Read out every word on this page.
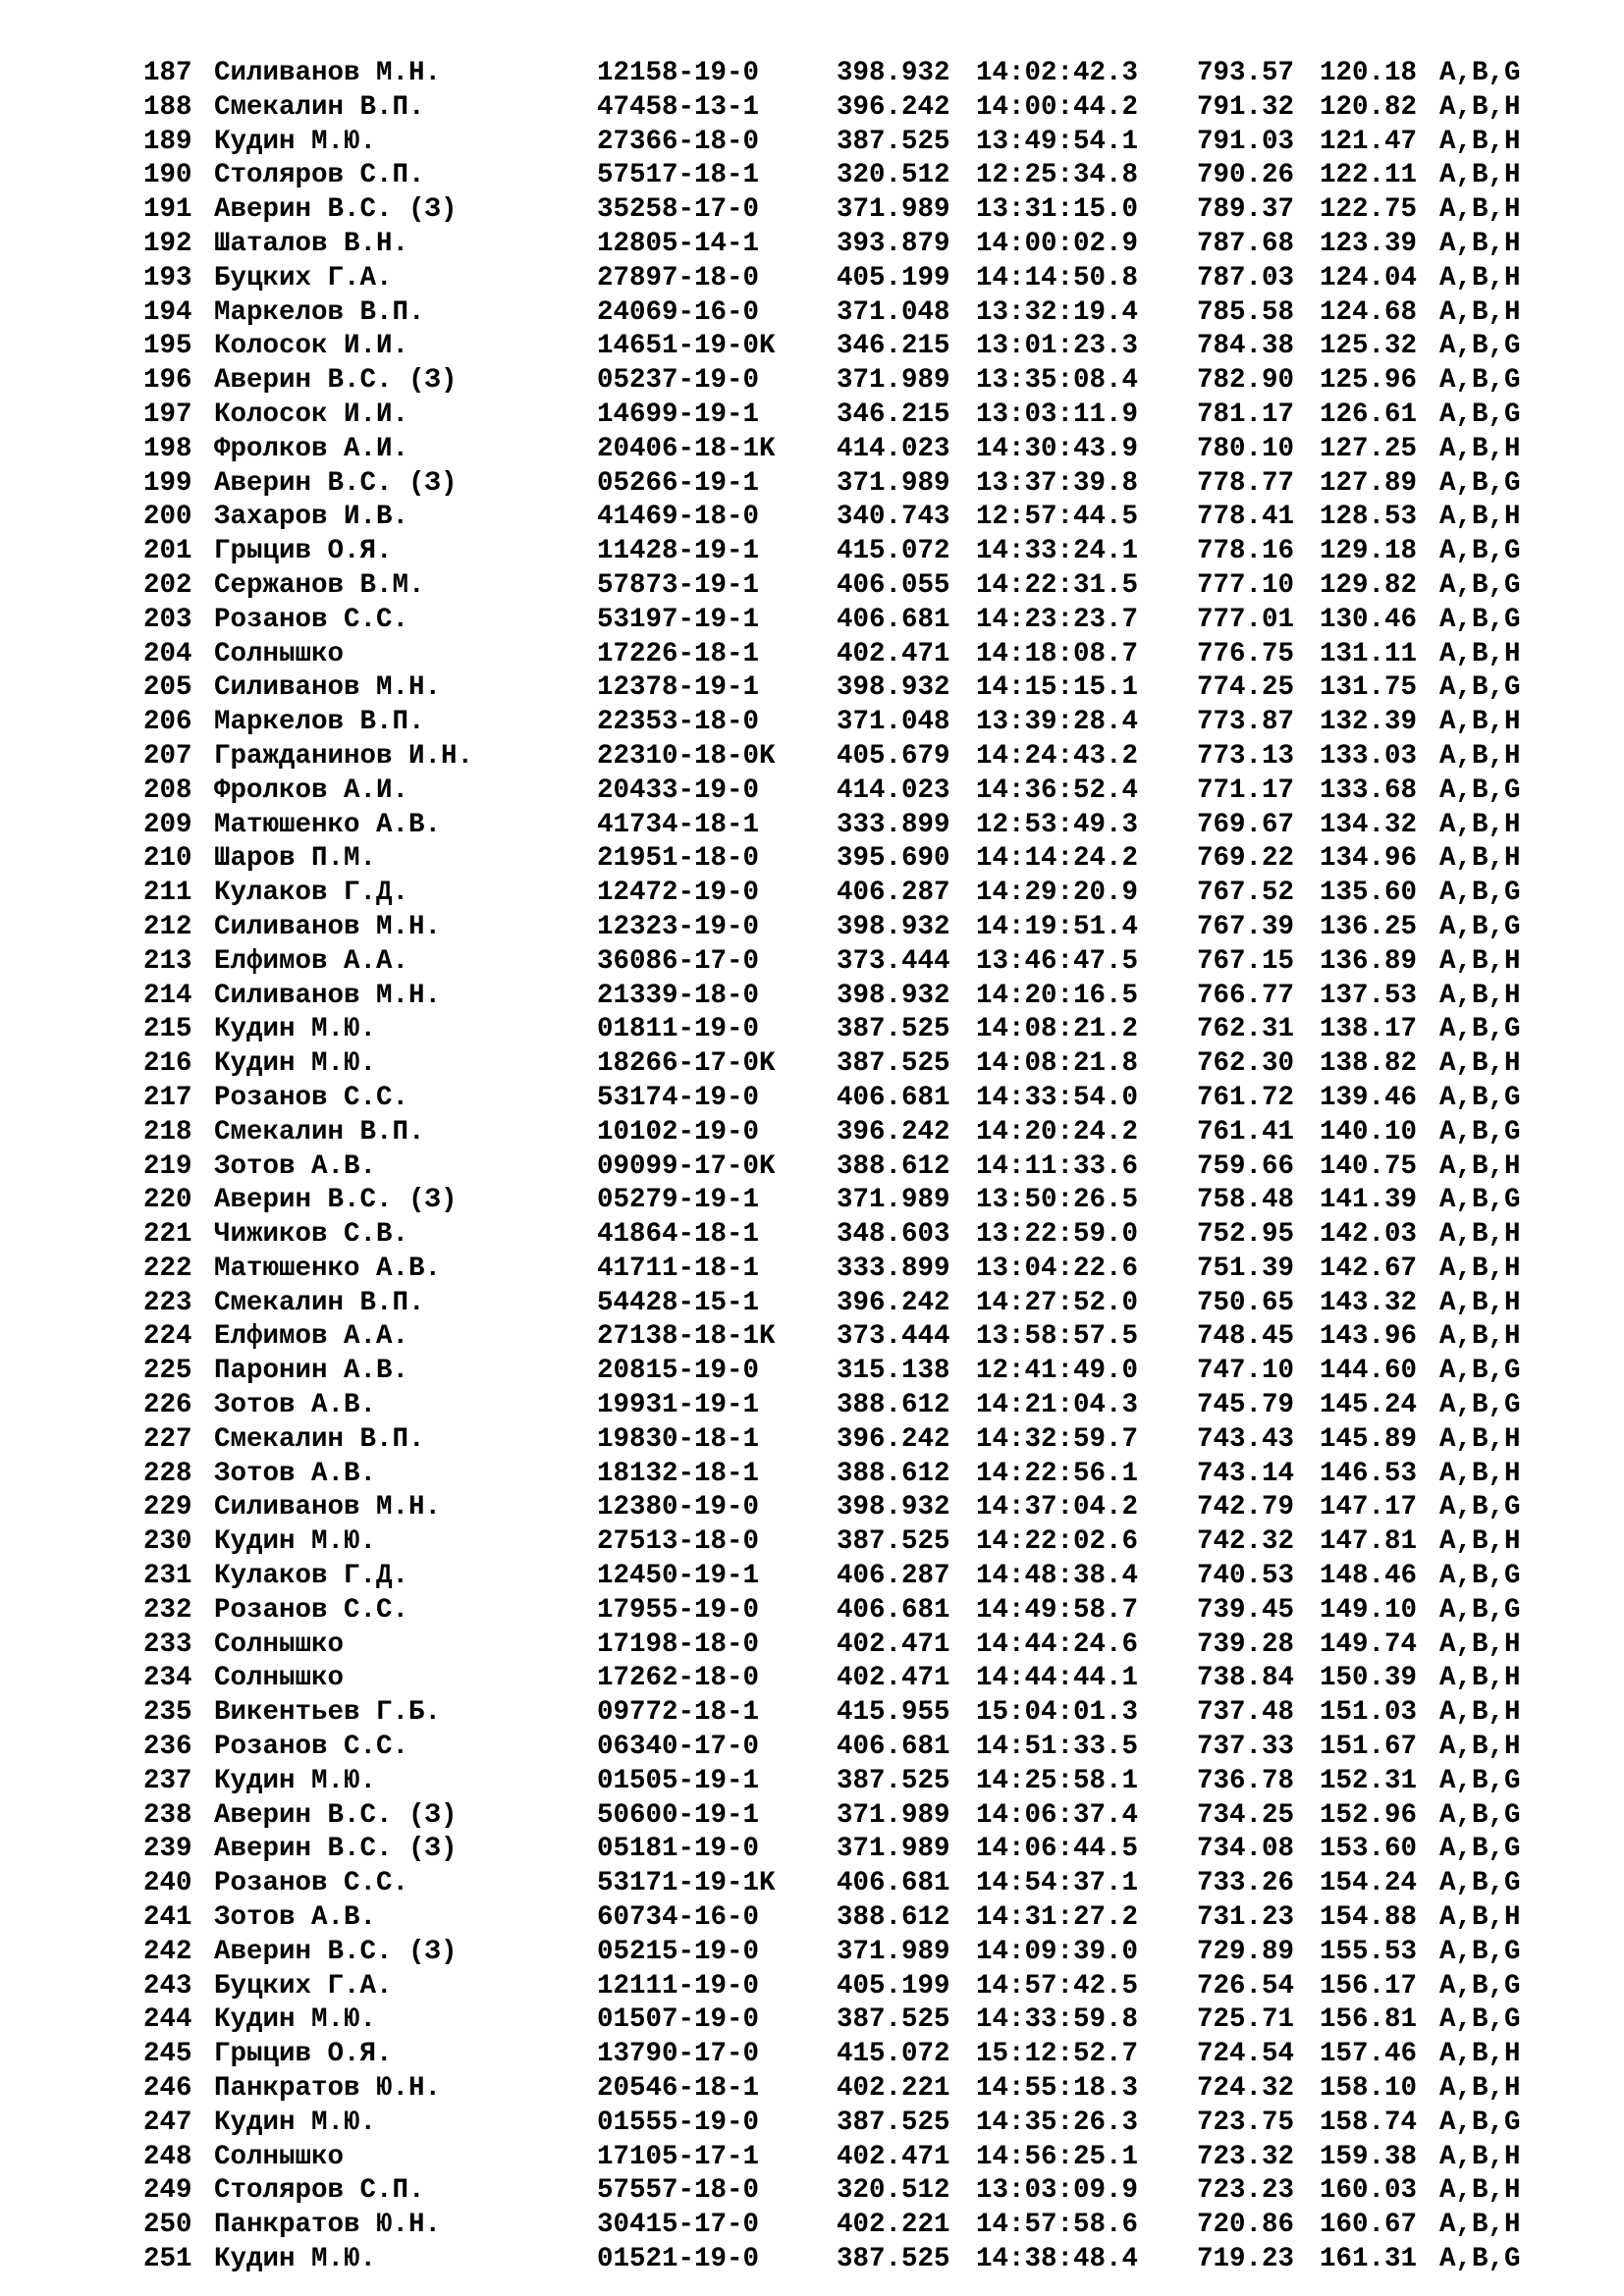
187 Силиванов М.Н.	12158-19-0	398.932 14:02:42.3 793.57 120.18 A,B,G
188 Смекалин В.П.	47458-13-1	396.242 14:00:44.2 791.32 120.82 A,B,H
189 Кудин М.Ю.	27366-18-0	387.525 13:49:54.1 791.03 121.47 A,B,H
190 Столяров С.П.	57517-18-1	320.512 12:25:34.8 790.26 122.11 A,B,H
191 Аверин В.С. (З)	35258-17-0	371.989 13:31:15.0 789.37 122.75 A,B,H
192 Шаталов В.Н.	12805-14-1	393.879 14:00:02.9 787.68 123.39 A,B,H
193 Буцких Г.А.	27897-18-0	405.199 14:14:50.8 787.03 124.04 A,B,H
194 Маркелов В.П.	24069-16-0	371.048 13:32:19.4 785.58 124.68 A,B,H
195 Колосок И.И.	14651-19-0K 346.215 13:01:23.3 784.38 125.32 A,B,G
196 Аверин В.С. (З)	05237-19-0	371.989 13:35:08.4 782.90 125.96 A,B,G
197 Колосок И.И.	14699-19-1	346.215 13:03:11.9 781.17 126.61 A,B,G
198 Фролков А.И.	20406-18-1K 414.023 14:30:43.9 780.10 127.25 A,B,H
199 Аверин В.С. (З)	05266-19-1	371.989 13:37:39.8 778.77 127.89 A,B,G
200 Захаров И.В.	41469-18-0	340.743 12:57:44.5 778.41 128.53 A,B,H
201 Грыцив О.Я.	11428-19-1	415.072 14:33:24.1 778.16 129.18 A,B,G
202 Сержанов В.М.	57873-19-1	406.055 14:22:31.5 777.10 129.82 A,B,G
203 Розанов С.С.	53197-19-1	406.681 14:23:23.7 777.01 130.46 A,B,G
204 Солнышко	17226-18-1	402.471 14:18:08.7 776.75 131.11 A,B,H
205 Силиванов М.Н.	12378-19-1	398.932 14:15:15.1 774.25 131.75 A,B,G
206 Маркелов В.П.	22353-18-0	371.048 13:39:28.4 773.87 132.39 A,B,H
207 Гражданинов И.Н.	22310-18-0K 405.679 14:24:43.2 773.13 133.03 A,B,H
208 Фролков А.И.	20433-19-0	414.023 14:36:52.4 771.17 133.68 A,B,G
209 Матюшенко А.В.	41734-18-1	333.899 12:53:49.3 769.67 134.32 A,B,H
210 Шаров П.М.	21951-18-0	395.690 14:14:24.2 769.22 134.96 A,B,H
211 Кулаков Г.Д.	12472-19-0	406.287 14:29:20.9 767.52 135.60 A,B,G
212 Силиванов М.Н.	12323-19-0	398.932 14:19:51.4 767.39 136.25 A,B,G
213 Елфимов А.А.	36086-17-0	373.444 13:46:47.5 767.15 136.89 A,B,H
214 Силиванов М.Н.	21339-18-0	398.932 14:20:16.5 766.77 137.53 A,B,H
215 Кудин М.Ю.	01811-19-0	387.525 14:08:21.2 762.31 138.17 A,B,G
216 Кудин М.Ю.	18266-17-0K 387.525 14:08:21.8 762.30 138.82 A,B,H
217 Розанов С.С.	53174-19-0	406.681 14:33:54.0 761.72 139.46 A,B,G
218 Смекалин В.П.	10102-19-0	396.242 14:20:24.2 761.41 140.10 A,B,G
219 Зотов А.В.	09099-17-0K 388.612 14:11:33.6 759.66 140.75 A,B,H
220 Аверин В.С. (З)	05279-19-1	371.989 13:50:26.5 758.48 141.39 A,B,G
221 Чижиков С.В.	41864-18-1	348.603 13:22:59.0 752.95 142.03 A,B,H
222 Матюшенко А.В.	41711-18-1	333.899 13:04:22.6 751.39 142.67 A,B,H
223 Смекалин В.П.	54428-15-1	396.242 14:27:52.0 750.65 143.32 A,B,H
224 Елфимов А.А.	27138-18-1K 373.444 13:58:57.5 748.45 143.96 A,B,H
225 Паронин А.В.	20815-19-0	315.138 12:41:49.0 747.10 144.60 A,B,G
226 Зотов А.В.	19931-19-1	388.612 14:21:04.3 745.79 145.24 A,B,G
227 Смекалин В.П.	19830-18-1	396.242 14:32:59.7 743.43 145.89 A,B,H
228 Зотов А.В.	18132-18-1	388.612 14:22:56.1 743.14 146.53 A,B,H
229 Силиванов М.Н.	12380-19-0	398.932 14:37:04.2 742.79 147.17 A,B,G
230 Кудин М.Ю.	27513-18-0	387.525 14:22:02.6 742.32 147.81 A,B,H
231 Кулаков Г.Д.	12450-19-1	406.287 14:48:38.4 740.53 148.46 A,B,G
232 Розанов С.С.	17955-19-0	406.681 14:49:58.7 739.45 149.10 A,B,G
233 Солнышко	17198-18-0	402.471 14:44:24.6 739.28 149.74 A,B,H
234 Солнышко	17262-18-0	402.471 14:44:44.1 738.84 150.39 A,B,H
235 Викентьев Г.Б.	09772-18-1	415.955 15:04:01.3 737.48 151.03 A,B,H
236 Розанов С.С.	06340-17-0	406.681 14:51:33.5 737.33 151.67 A,B,H
237 Кудин М.Ю.	01505-19-1	387.525 14:25:58.1 736.78 152.31 A,B,G
238 Аверин В.С. (З)	50600-19-1	371.989 14:06:37.4 734.25 152.96 A,B,G
239 Аверин В.С. (З)	05181-19-0	371.989 14:06:44.5 734.08 153.60 A,B,G
240 Розанов С.С.	53171-19-1K 406.681 14:54:37.1 733.26 154.24 A,B,G
241 Зотов А.В.	60734-16-0	388.612 14:31:27.2 731.23 154.88 A,B,H
242 Аверин В.С. (З)	05215-19-0	371.989 14:09:39.0 729.89 155.53 A,B,G
243 Буцких Г.А.	12111-19-0	405.199 14:57:42.5 726.54 156.17 A,B,G
244 Кудин М.Ю.	01507-19-0	387.525 14:33:59.8 725.71 156.81 A,B,G
245 Грыцив О.Я.	13790-17-0	415.072 15:12:52.7 724.54 157.46 A,B,H
246 Панкратов Ю.Н.	20546-18-1	402.221 14:55:18.3 724.32 158.10 A,B,H
247 Кудин М.Ю.	01555-19-0	387.525 14:35:26.3 723.75 158.74 A,B,G
248 Солнышко	17105-17-1	402.471 14:56:25.1 723.32 159.38 A,B,H
249 Столяров С.П.	57557-18-0	320.512 13:03:09.9 723.23 160.03 A,B,H
250 Панкратов Ю.Н.	30415-17-0	402.221 14:57:58.6 720.86 160.67 A,B,H
251 Кудин М.Ю.	01521-19-0	387.525 14:38:48.4 719.23 161.31 A,B,G
